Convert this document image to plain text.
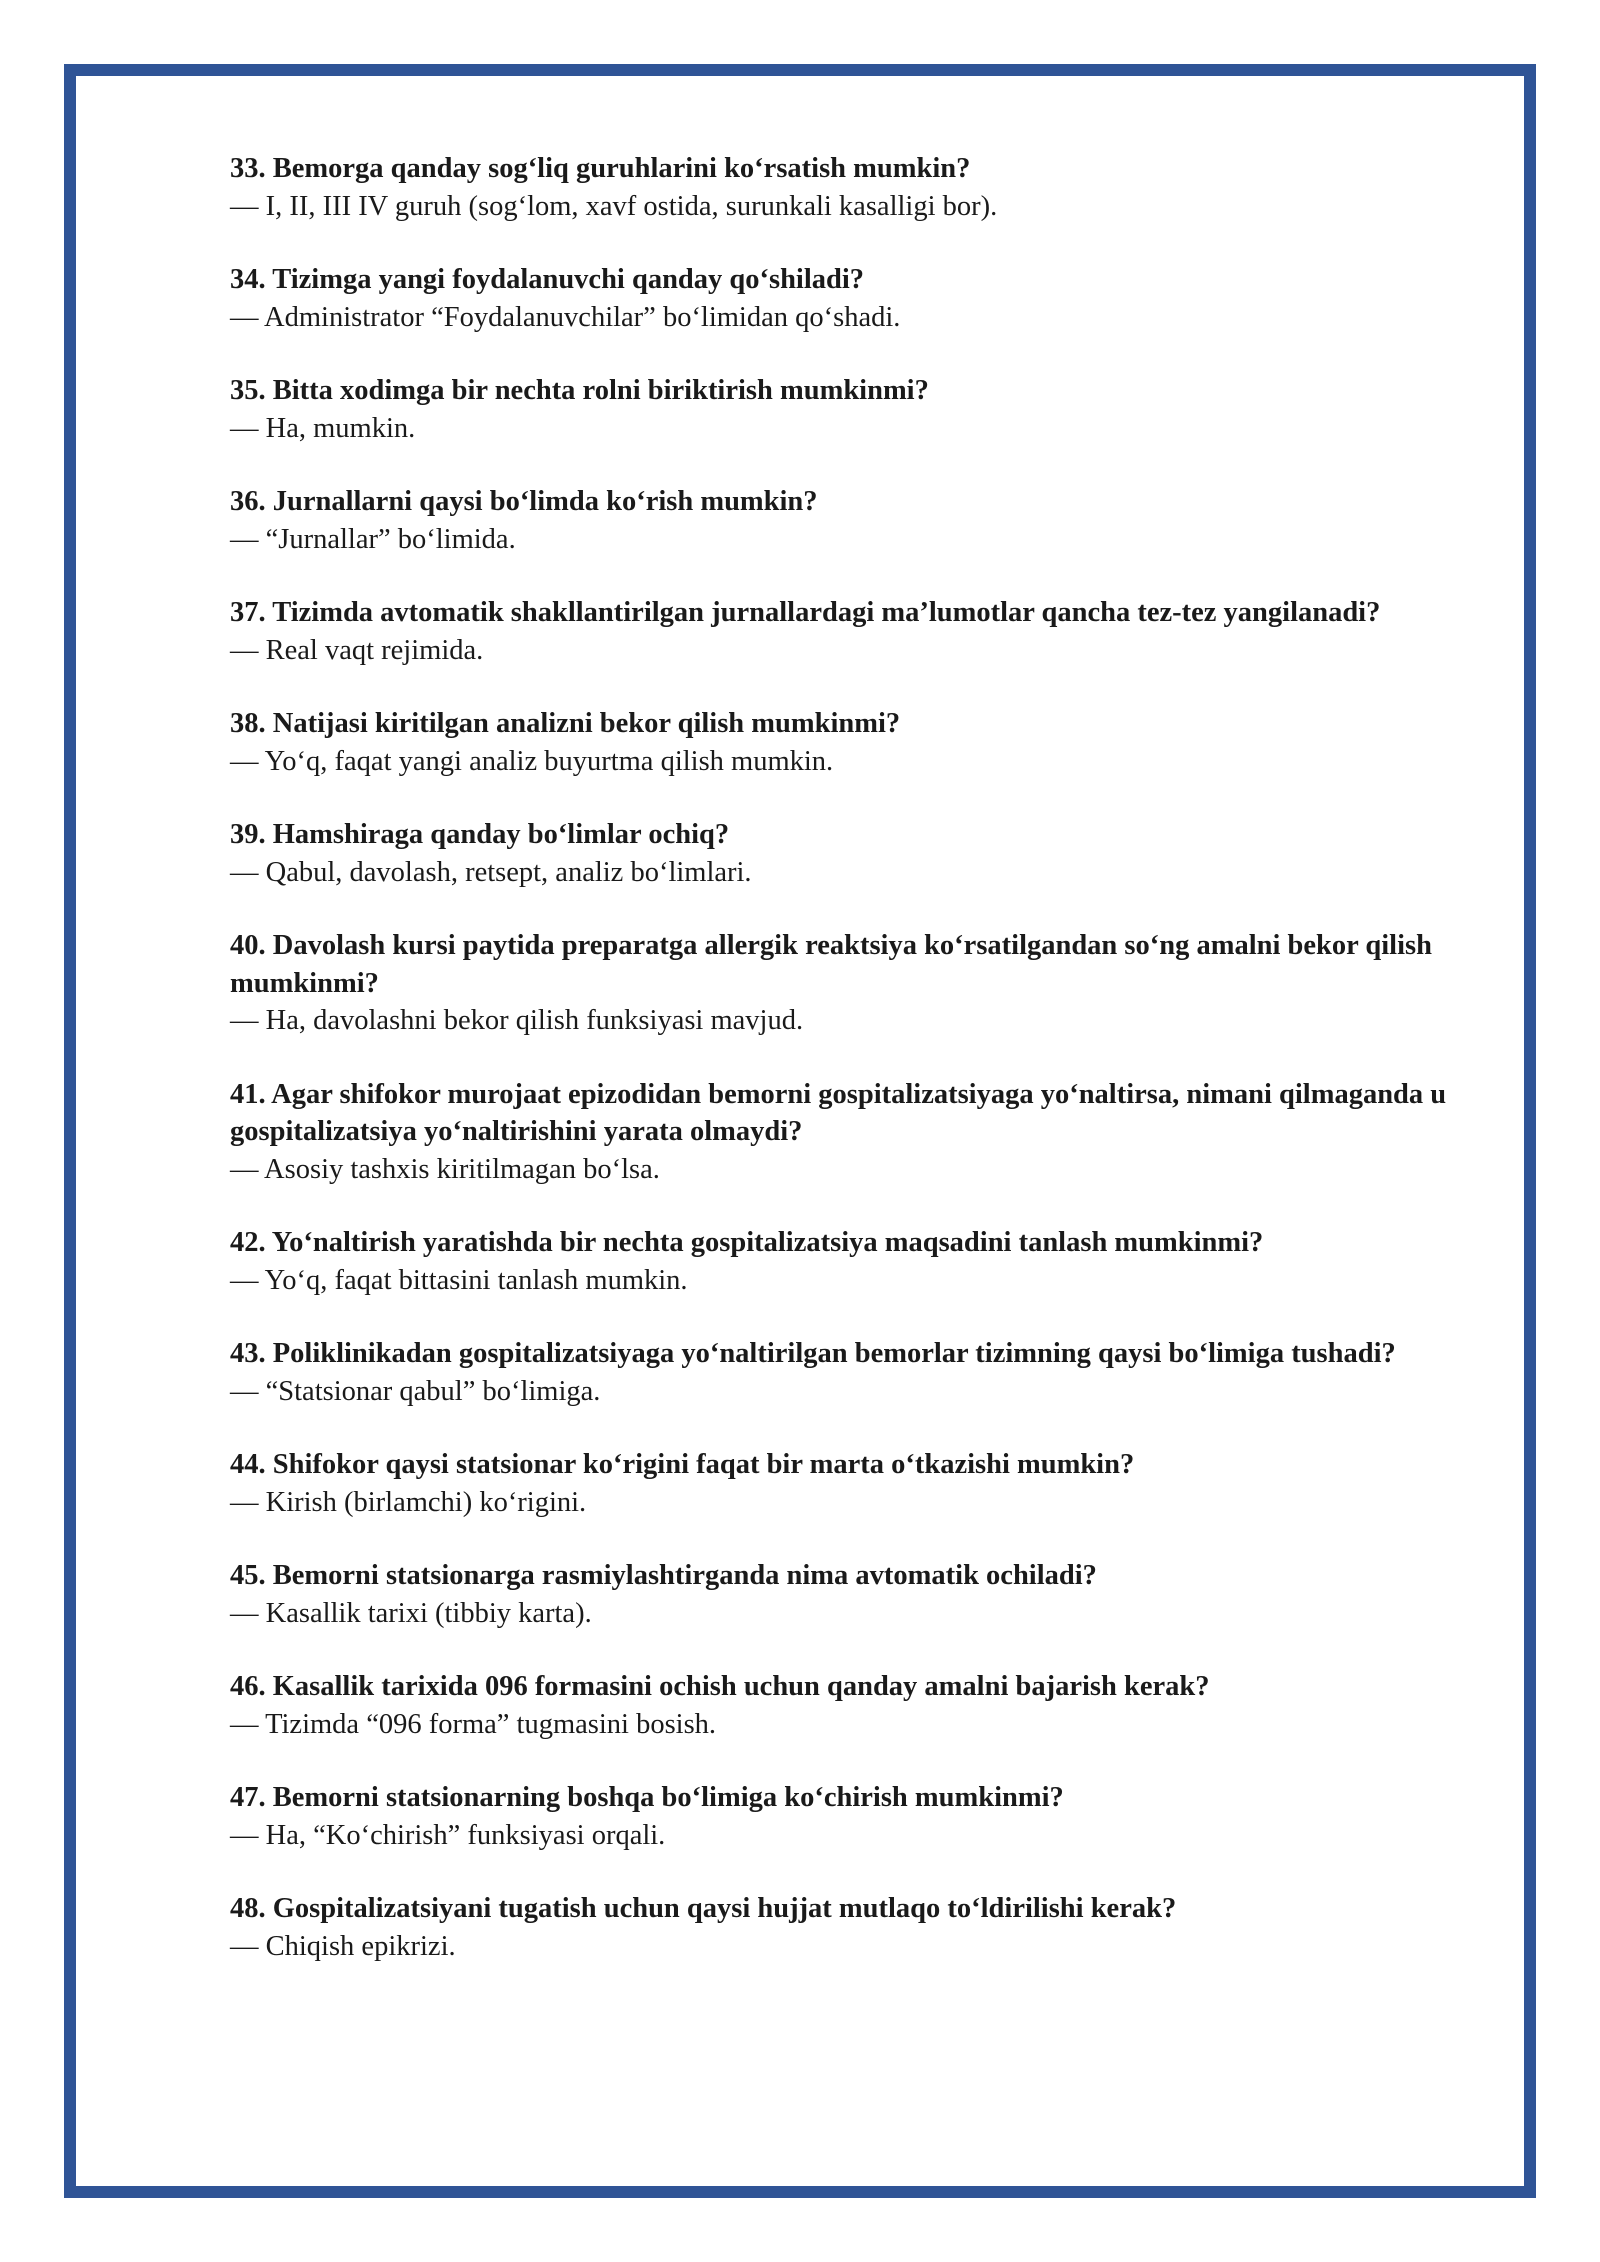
33. Bemorga qanday sog‘liq guruhlarini ko‘rsatish mumkin?

— I, II, III IV guruh (sog‘lom, xavf ostida, surunkali kasalligi bor).

34. Tizimga yangi foydalanuvchi qanday qo‘shiladi?

— Administrator “Foydalanuvchilar” bo‘limidan qo‘shadi.

35. Bitta xodimga bir nechta rolni biriktirish mumkinmi?

— Ha, mumkin.

36. Jurnallarni qaysi bo‘limda ko‘rish mumkin?

— “Jurnallar” bo‘limida.

37. Tizimda avtomatik shakllantirilgan jurnallardagi ma’lumotlar qancha tez-tez yangilanadi?

— Real vaqt rejimida.

38. Natijasi kiritilgan analizni bekor qilish mumkinmi?

— Yo‘q, faqat yangi analiz buyurtma qilish mumkin.

39. Hamshiraga qanday bo‘limlar ochiq?

— Qabul, davolash, retsept, analiz bo‘limlari.

40. Davolash kursi paytida preparatga allergik reaktsiya ko‘rsatilgandan so‘ng amalni bekor qilish mumkinmi?

— Ha, davolashni bekor qilish funksiyasi mavjud.

41. Agar shifokor murojaat epizodidan bemorni gospitalizatsiyaga yo‘naltirsa, nimani qilmaganda u gospitalizatsiya yo‘naltirishini yarata olmaydi?

— Asosiy tashxis kiritilmagan bo‘lsa.

42. Yo‘naltirish yaratishda bir nechta gospitalizatsiya maqsadini tanlash mumkinmi?

— Yo‘q, faqat bittasini tanlash mumkin.

43. Poliklinikadan gospitalizatsiyaga yo‘naltirilgan bemorlar tizimning qaysi bo‘limiga tushadi?

— “Statsionar qabul” bo‘limiga.

44. Shifokor qaysi statsionar ko‘rigini faqat bir marta o‘tkazishi mumkin?

— Kirish (birlamchi) ko‘rigini.

45. Bemorni statsionarga rasmiylashtirganda nima avtomatik ochiladi?

— Kasallik tarixi (tibbiy karta).

46. Kasallik tarixida 096 formasini ochish uchun qanday amalni bajarish kerak?

— Tizimda “096 forma” tugmasini bosish.

47. Bemorni statsionarning boshqa bo‘limiga ko‘chirish mumkinmi?

— Ha, “Ko‘chirish” funksiyasi orqali.

48. Gospitalizatsiyani tugatish uchun qaysi hujjat mutlaqo to‘ldirilishi kerak?

— Chiqish epikrizi.
